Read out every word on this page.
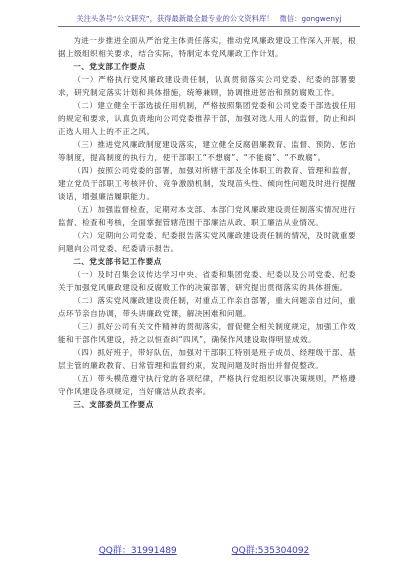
关注头条号“公文研究”，获得最新最全最专业的公文资料库！ 微信：gongwenyj

为进一步推进全面从严治党主体责任落实，推动党风廉政建设工作深入开展，根据上级组织相关要求，结合实际，特制定本党风廉政工作计划。

一、党支部工作要点

（一）严格执行党风廉政建设责任制，认真贯彻落实公司党委、纪委的部署要求，研究制定落实计划和具体措施，统筹兼顾，协调推进惩治和预防腐败工作。

（二）建立健全干部选拔任用机制，严格按照集团党委和公司党委干部选拔任用的规定和要求，认真负责地向公司党委推荐干部，加强对选人用人的监督，防止和纠正选人用人上的不正之风。

（三）推进党风廉政制度建设落实，建立健全反腐倡廉教育、监督、预防、惩治等制度，提高制度的执行力，使干部职工“不想腐”、“不能腐”、“不敢腐”。

（四）按照公司党委的部署，加强对所辖干部及全体职工的教育、管理和监督，建立党员干部职工考核评价、竞争激励机制，发现苗头性、倾向性问题及时进行提醒谈话，增强廉洁履职能力。

（五）加强监督检查，定期对本支部、本部门党风廉政建设责任制落实情况进行监督、检查和考核，全面掌握管辖范围干部廉洁从政、职工廉洁从业情况。

（六）定期向公司党委、纪委报告落实党风廉政建设责任制的情况，及时就重要问题向公司党委、纪委请示报告。

二、党支部书记工作要点

（一）及时召集会议传达学习中央、省委和集团党委、纪委以及公司党委、纪委关于加强党风廉政建设和反腐败工作的决策部署，研究提出贯彻落实的具体措施。

（二）落实党风廉政建设责任制，对重点工作亲自部署，重大问题亲自过问，重点环节亲自协调，带头讲廉政党课，解决困难和问题。

（三）抓好公司有关文件精神的贯彻落实，督促健全相关制度规定，加强工作效能和干部作风建设，持之以恒查纠“四风”，确保作风建设取得明显成效。

（四）抓好班子，带好队伍，加强对干部职工特别是班子成员、经理级干部、基层主管的廉政教育、日常管理和监督约束，发现问题及时指出并督促整改。

（五）带头模范遵守执行党的各项纪律，严格执行党组织议事决策规则，严格遵守作风建设各项规定，当好廉洁从政表率。

三、支部委员工作要点

QQ群：31991489	QQ群:535304092
